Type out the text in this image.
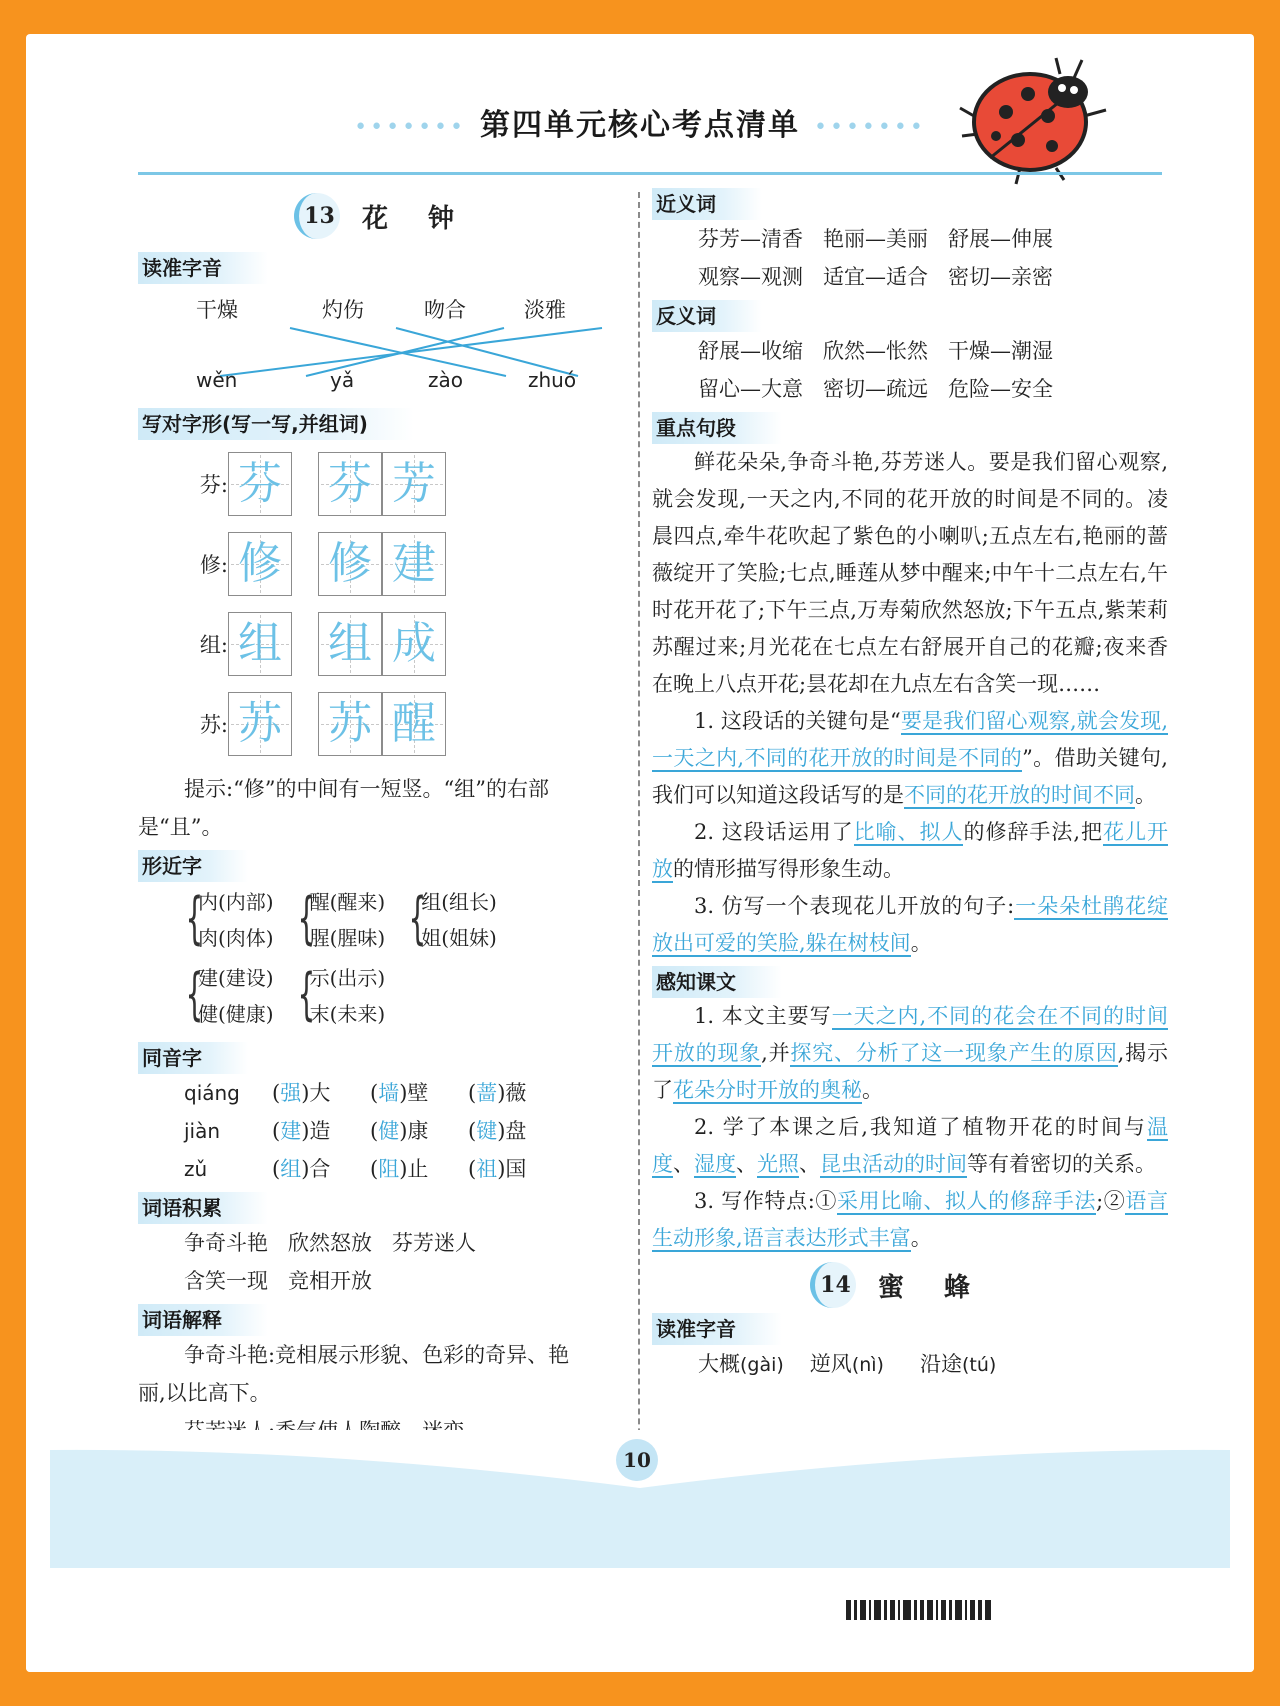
••••••• 第四单元核心考点清单 •••••••
13 花钟
读准字音
干燥	灼伤	吻合	淡雅
wěn	yǎ	zào	zhuó
写对字形(写一写,并组词)
芬: 芬 芬 芳
修: 修 修 建
组: 组 组 成
苏: 苏 苏 醒
提示:“修”的中间有一短竖。“组”的右部
是“且”。
形近字
{
内(内部)
肉(肉体) {
醒(醒来)
腥(腥味) {
组(组长)
姐(姐妹)
{
建(建设)
健(健康) {
示(出示)
末(未来)
同音字
qiáng	(强)大	(墙)壁	(蔷)薇
jiàn	(建)造	(健)康	(键)盘
zǔ	(组)合	(阻)止	(祖)国
词语积累
争奇斗艳   欣然怒放   芬芳迷人
含笑一现   竞相开放
词语解释
争奇斗艳:竞相展示形貌、色彩的奇异、艳
丽,以比高下。
近义词
芬芳—清香   艳丽—美丽   舒展—伸展
观察—观测   适宜—适合   密切—亲密
反义词
舒展—收缩   欣然—怅然   干燥—潮湿
留心—大意   密切—疏远   危险—安全
重点句段

鲜花朵朵,争奇斗艳,芬芳迷人。要是我们留心观察,就会发现,一天之内,不同的花开放的时间是不同的。凌晨四点,牵牛花吹起了紫色的小喇叭;五点左右,艳丽的蔷薇绽开了笑脸;七点,睡莲从梦中醒来;中午十二点左右,午时花开花了;下午三点,万寿菊欣然怒放;下午五点,紫茉莉苏醒过来;月光花在七点左右舒展开自己的花瓣;夜来香在晚上八点开花;昙花却在九点左右含笑一现……

1. 这段话的关键句是“要是我们留心观察,就会发现,一天之内,不同的花开放的时间是不同的”。借助关键句,我们可以知道这段话写的是不同的花开放的时间不同。

2. 这段话运用了比喻、拟人的修辞手法,把花儿开放的情形描写得形象生动。

3. 仿写一个表现花儿开放的句子:一朵朵杜鹃花绽放出可爱的笑脸,躲在树枝间。

感知课文

1. 本文主要写一天之内,不同的花会在不同的时间开放的现象,并探究、分析了这一现象产生的原因,揭示了花朵分时开放的奥秘。

2. 学了本课之后,我知道了植物开花的时间与温度、湿度、光照、昆虫活动的时间等有着密切的关系。

3. 写作特点:①采用比喻、拟人的修辞手法;②语言生动形象,语言表达形式丰富。

14 蜜蜂
读准字音
大概(gài) 逆风(nì) 沿途(tú)
10
